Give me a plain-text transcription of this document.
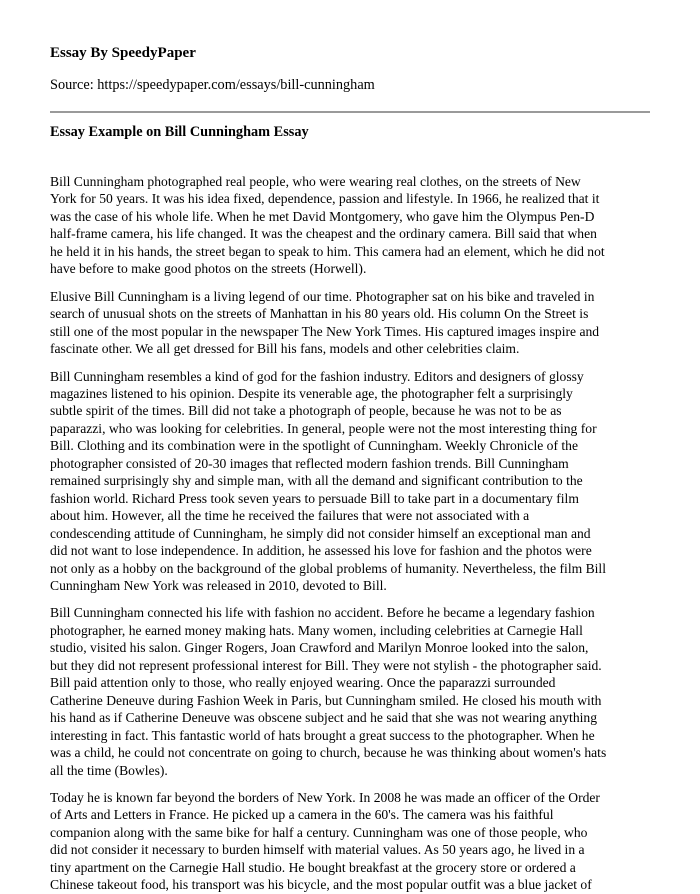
Essay By SpeedyPaper
Source: https://speedypaper.com/essays/bill-cunningham
Essay Example on Bill Cunningham Essay

Bill Cunningham photographed real people, who were wearing real clothes, on the streets of New York for 50 years. It was his idea fixed, dependence, passion and lifestyle. In 1966, he realized that it was the case of his whole life. When he met David Montgomery, who gave him the Olympus Pen-D half-frame camera, his life changed. It was the cheapest and the ordinary camera. Bill said that when he held it in his hands, the street began to speak to him. This camera had an element, which he did not have before to make good photos on the streets (Horwell).

Elusive Bill Cunningham is a living legend of our time. Photographer sat on his bike and traveled in search of unusual shots on the streets of Manhattan in his 80 years old. His column On the Street is still one of the most popular in the newspaper The New York Times. His captured images inspire and fascinate other. We all get dressed for Bill his fans, models and other celebrities claim.

Bill Cunningham resembles a kind of god for the fashion industry. Editors and designers of glossy magazines listened to his opinion. Despite its venerable age, the photographer felt a surprisingly subtle spirit of the times. Bill did not take a photograph of people, because he was not to be as paparazzi, who was looking for celebrities. In general, people were not the most interesting thing for Bill. Clothing and its combination were in the spotlight of Cunningham. Weekly Chronicle of the photographer consisted of 20-30 images that reflected modern fashion trends. Bill Cunningham remained surprisingly shy and simple man, with all the demand and significant contribution to the fashion world. Richard Press took seven years to persuade Bill to take part in a documentary film about him. However, all the time he received the failures that were not associated with a condescending attitude of Cunningham, he simply did not consider himself an exceptional man and did not want to lose independence. In addition, he assessed his love for fashion and the photos were not only as a hobby on the background of the global problems of humanity. Nevertheless, the film Bill Cunningham New York was released in 2010, devoted to Bill.

Bill Cunningham connected his life with fashion no accident. Before he became a legendary fashion photographer, he earned money making hats. Many women, including celebrities at Carnegie Hall studio, visited his salon. Ginger Rogers, Joan Crawford and Marilyn Monroe looked into the salon, but they did not represent professional interest for Bill. They were not stylish - the photographer said. Bill paid attention only to those, who really enjoyed wearing. Once the paparazzi surrounded Catherine Deneuve during Fashion Week in Paris, but Cunningham smiled. He closed his mouth with his hand as if Catherine Deneuve was obscene subject and he said that she was not wearing anything interesting in fact. This fantastic world of hats brought a great success to the photographer. When he was a child, he could not concentrate on going to church, because he was thinking about women's hats all the time (Bowles).

Today he is known far beyond the borders of New York. In 2008 he was made an officer of the Order of Arts and Letters in France. He picked up a camera in the 60's. The camera was his faithful companion along with the same bike for half a century. Cunningham was one of those people, who did not consider it necessary to burden himself with material values. As 50 years ago, he lived in a tiny apartment on the Carnegie Hall studio. He bought breakfast at the grocery store or ordered a Chinese takeout food, his transport was his bicycle, and the most popular outfit was a blue jacket of
